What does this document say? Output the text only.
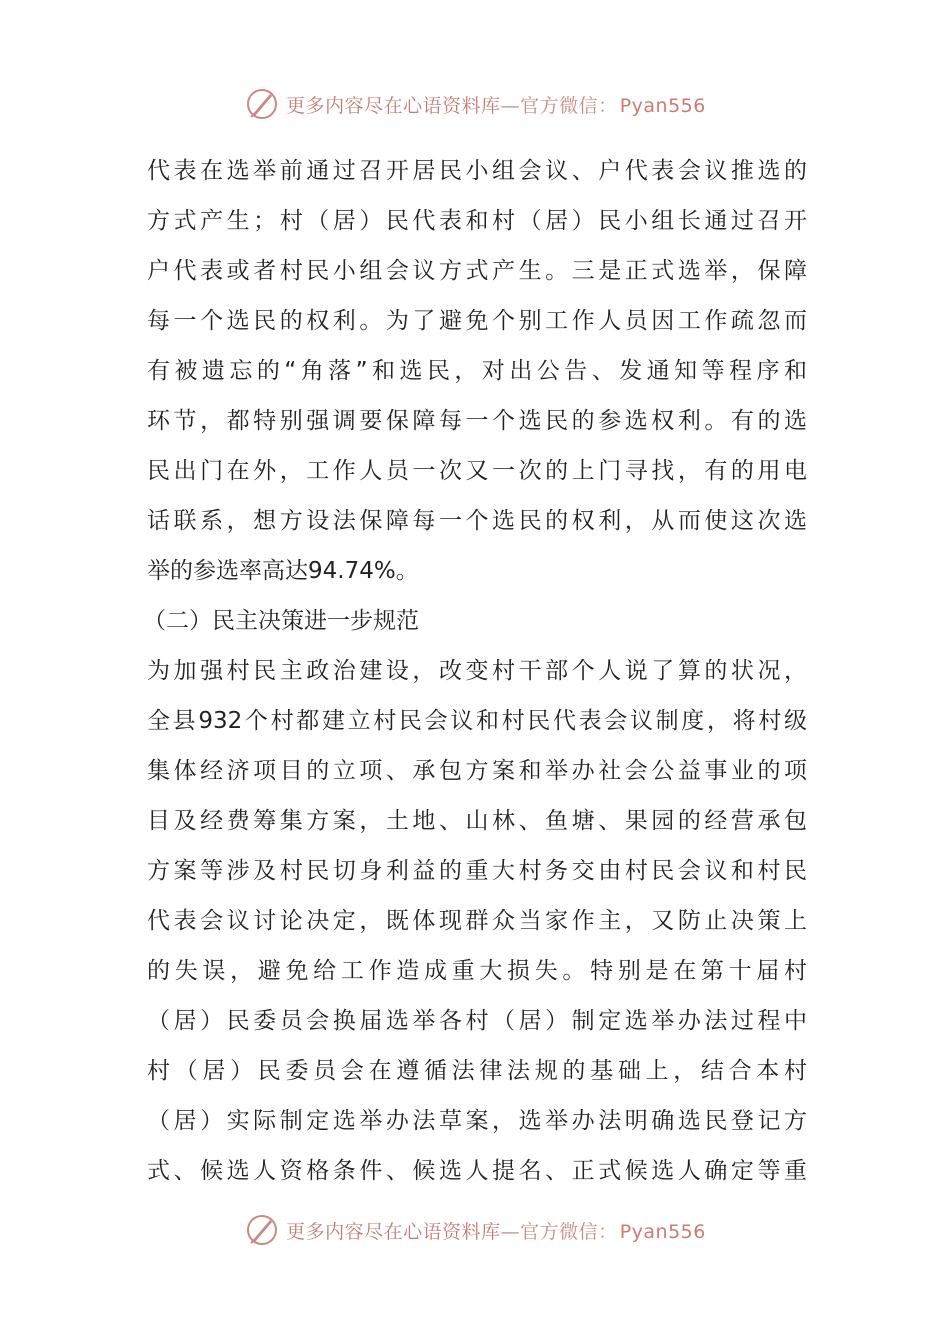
更多内容尽在心语资料库—官方微信： Pyan556
代表在选举前通过召开居民小组会议、户代表会议推选的
方式产生；村（居）民代表和村（居）民小组长通过召开
户代表或者村民小组会议方式产生。三是正式选举，保障
每一个选民的权利。为了避免个别工作人员因工作疏忽而
有被遗忘的“角落”和选民，对出公告、发通知等程序和
环节，都特别强调要保障每一个选民的参选权利。有的选
民出门在外，工作人员一次又一次的上门寻找，有的用电
话联系，想方设法保障每一个选民的权利，从而使这次选
举的参选率高达94.74%。
（二）民主决策进一步规范
为加强村民主政治建设，改变村干部个人说了算的状况，
全县932个村都建立村民会议和村民代表会议制度，将村级
集体经济项目的立项、承包方案和举办社会公益事业的项
目及经费筹集方案，土地、山林、鱼塘、果园的经营承包
方案等涉及村民切身利益的重大村务交由村民会议和村民
代表会议讨论决定，既体现群众当家作主，又防止决策上
的失误，避免给工作造成重大损失。特别是在第十届村
（居）民委员会换届选举各村（居）制定选举办法过程中
村（居）民委员会在遵循法律法规的基础上，结合本村
（居）实际制定选举办法草案，选举办法明确选民登记方
式、候选人资格条件、候选人提名、正式候选人确定等重
更多内容尽在心语资料库—官方微信： Pyan556
